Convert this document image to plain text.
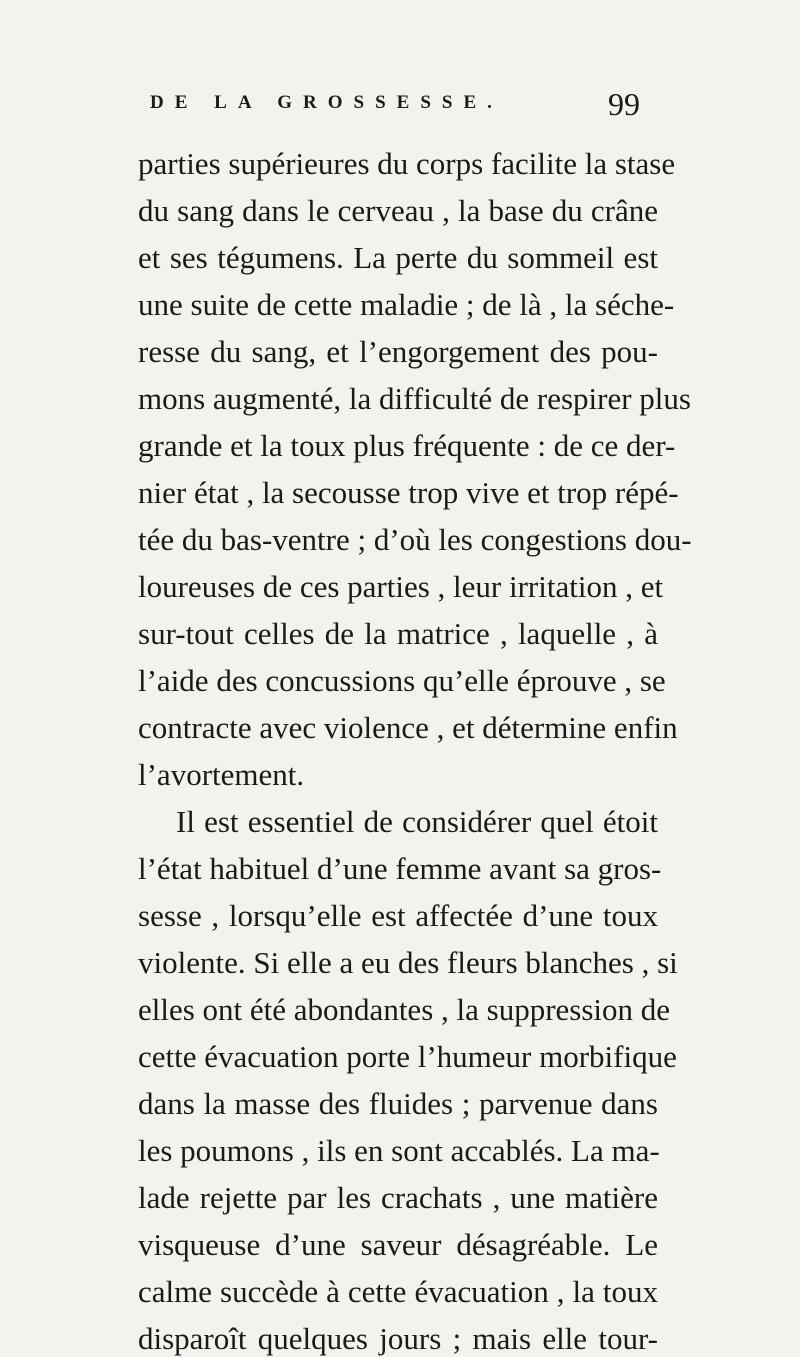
DE LA GROSSESSE.	99
parties supérieures du corps facilite la stase
du sang dans le cerveau , la base du crâne
et ses tégumens. La perte du sommeil est
une suite de cette maladie ; de là , la séche-
resse du sang, et l’engorgement des pou-
mons augmenté, la difficulté de respirer plus
grande et la toux plus fréquente : de ce der-
nier état , la secousse trop vive et trop répé-
tée du bas-ventre ; d’où les congestions dou-
loureuses de ces parties , leur irritation , et
sur-tout celles de la matrice , laquelle , à
l’aide des concussions qu’elle éprouve , se
contracte avec violence , et détermine enfin
l’avortement.
Il est essentiel de considérer quel étoit
l’état habituel d’une femme avant sa gros-
sesse , lorsqu’elle est affectée d’une toux
violente. Si elle a eu des fleurs blanches , si
elles ont été abondantes , la suppression de
cette évacuation porte l’humeur morbifique
dans la masse des fluides ; parvenue dans
les poumons , ils en sont accablés. La ma-
lade rejette par les crachats , une matière
visqueuse d’une saveur désagréable. Le
calme succède à cette évacuation , la toux
disparoît quelques jours ; mais elle tour-
